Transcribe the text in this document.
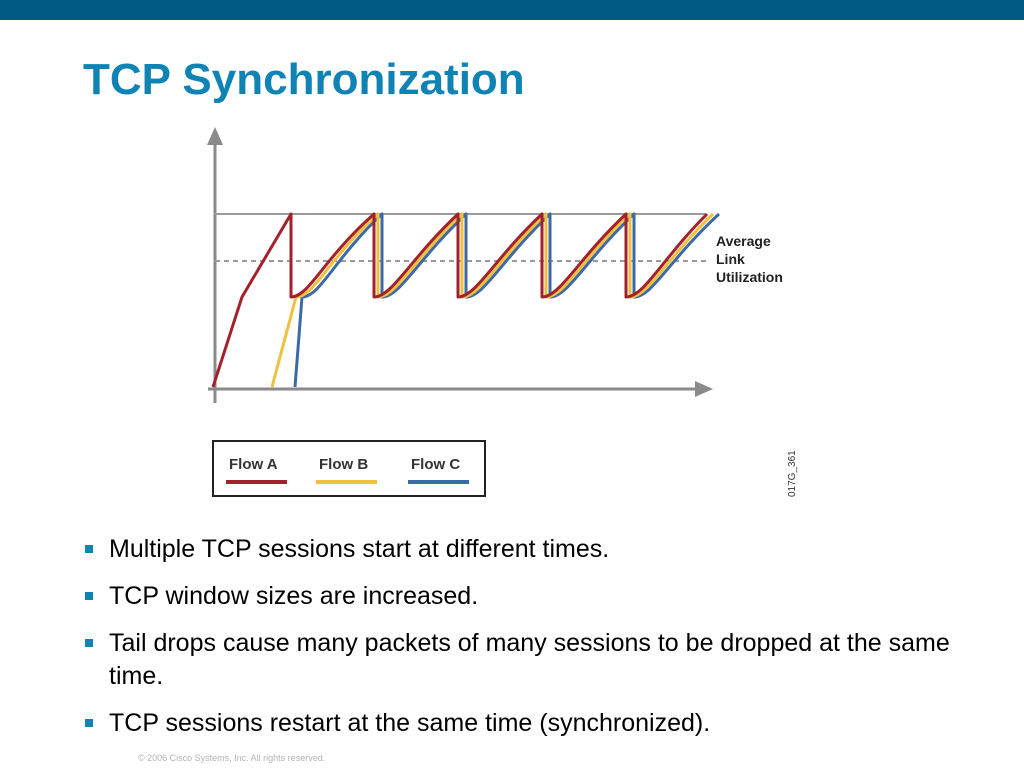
TCP Synchronization
Average Link Utilization
017G_361
Flow A	Flow B	Flow C
Multiple TCP sessions start at different times.
TCP window sizes are increased.
Tail drops cause many packets of many sessions to be dropped at the same time.
TCP sessions restart at the same time (synchronized).
© 2006 Cisco Systems, Inc. All rights reserved.
